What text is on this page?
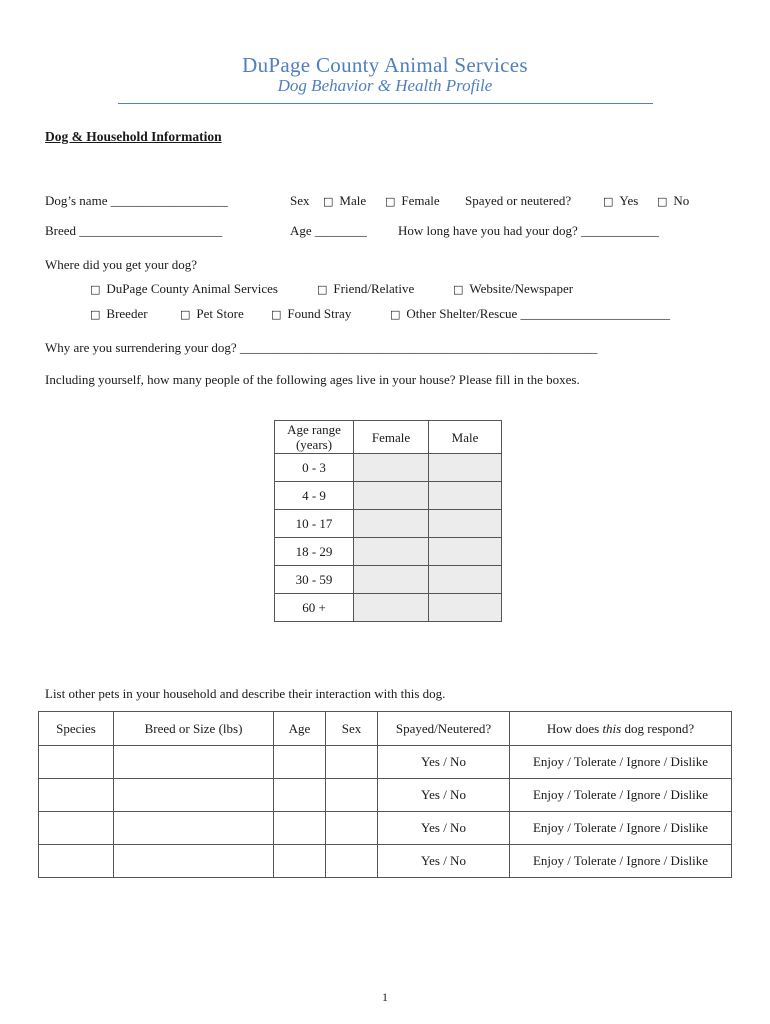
DuPage County Animal Services
Dog Behavior & Health Profile
Dog & Household Information
Dog’s name __________________	Sex □ Male □ Female Spayed or neutered?	□ Yes □ No
Breed ______________________	Age ________ How long have you had your dog? ____________
Where did you get your dog?
□ DuPage County Animal Services	□ Friend/Relative	□ Website/Newspaper
□ Breeder	□ Pet Store □ Found Stray	□ Other Shelter/Rescue _______________________
Why are you surrendering your dog? _______________________________________________________
Including yourself, how many people of the following ages live in your house? Please fill in the boxes.
Age range (years)	Female	Male
0 - 3		
4 - 9		
10 - 17		
18 - 29		
30 - 59		
60 +		
List other pets in your household and describe their interaction with this dog.
Species	Breed or Size (lbs)	Age	Sex	Spayed/Neutered?	How does this dog respond?
				Yes / No	Enjoy / Tolerate / Ignore / Dislike
				Yes / No	Enjoy / Tolerate / Ignore / Dislike
				Yes / No	Enjoy / Tolerate / Ignore / Dislike
				Yes / No	Enjoy / Tolerate / Ignore / Dislike
1
